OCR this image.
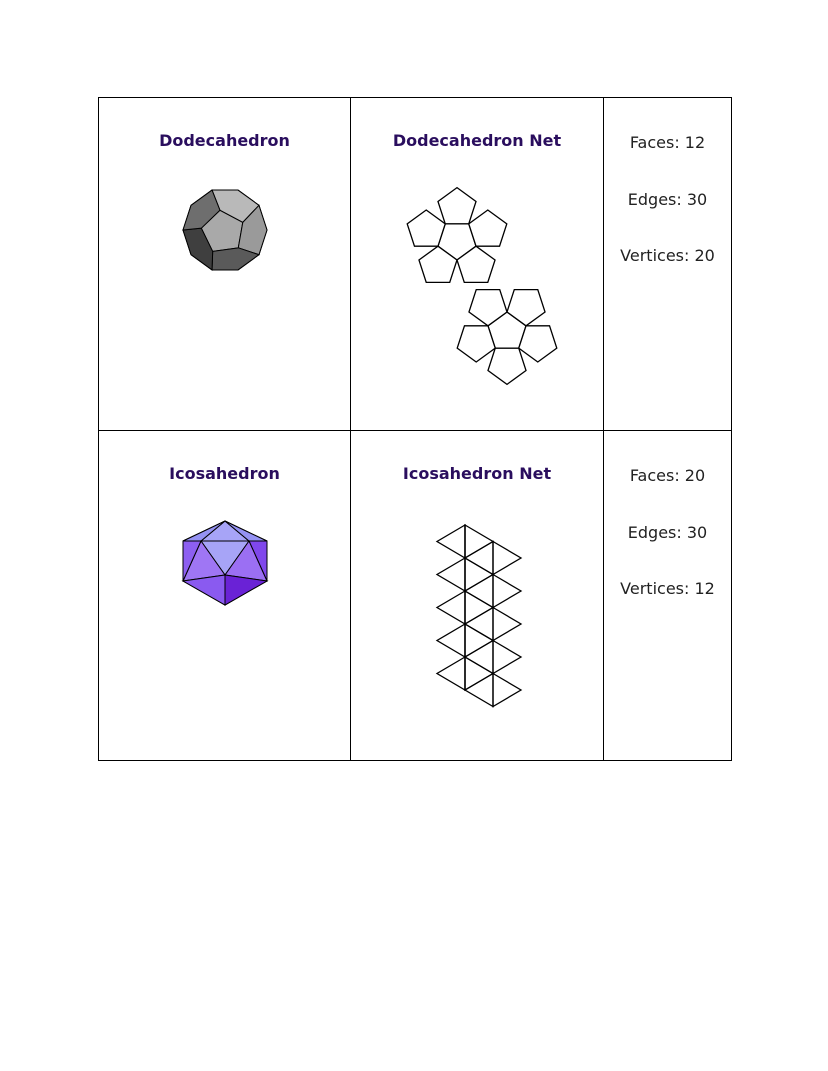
Dodecahedron	Dodecahedron Net	Faces: 12
Edges: 30
Vertices: 20

Icosahedron	Icosahedron Net	Faces: 20
Edges: 30
Vertices: 12
